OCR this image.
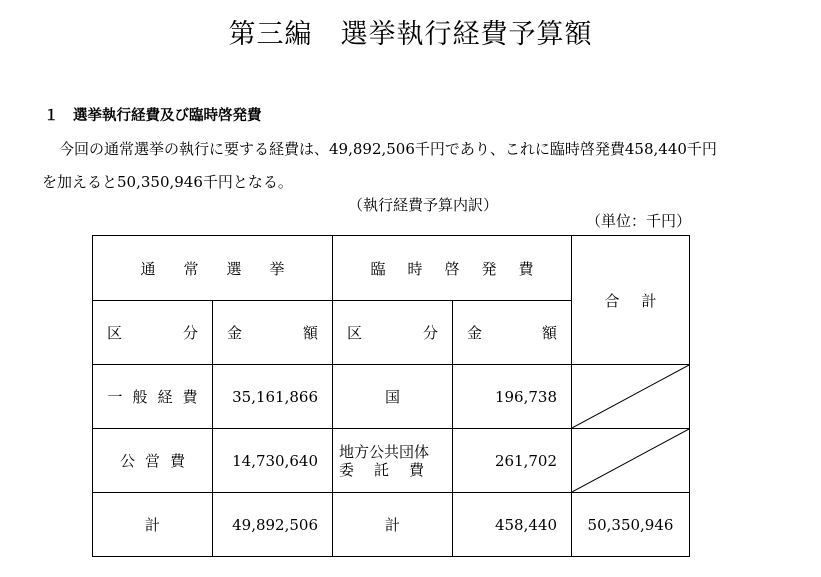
第三編　選挙執行経費予算額
１　選挙執行経費及び臨時啓発費
今回の通常選挙の執行に要する経費は、49,892,506千円であり、これに臨時啓発費458,440千円
を加えると50,350,946千円となる。
（執行経費予算内訳）
（単位：千円）
通常選挙		臨時啓発費		合計

区 分	金 額	区 分	金 額	

一般経費	35,161,866	国	196,738	

公営費	14,730,640	地方公共団体
委託費	261,702	

計	49,892,506	計	458,440	50,350,946
